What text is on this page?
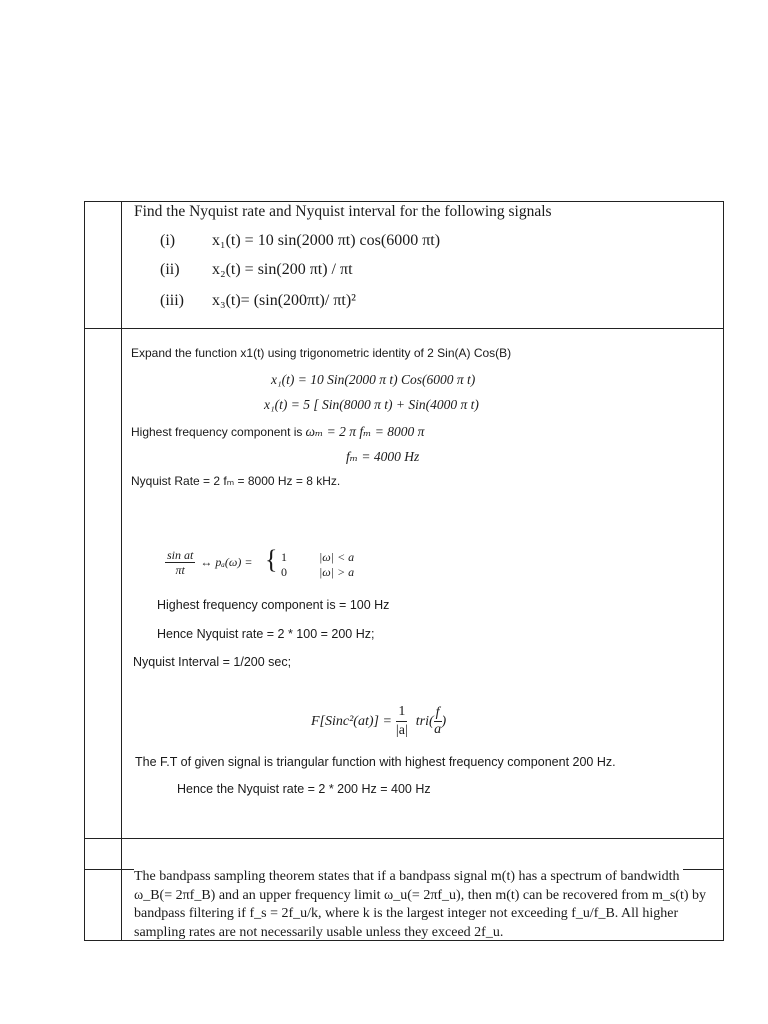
Find the Nyquist rate and Nyquist interval for the following signals
(i) x₁(t) = 10 sin(2000 πt) cos(6000 πt)
(ii) x₂(t) = sin(200 πt) / πt
(iii) x₃(t)= (sin(200πt)/ πt)²
Expand the function x1(t) using trigonometric identity of 2 Sin(A) Cos(B)
x₁(t) = 10 Sin(2000 π t) Cos(6000 π t)
x₁(t) = 5 [ Sin(8000 π t) + Sin(4000 π t)
Highest frequency component is ωₘ = 2 π fₘ = 8000 π
fₘ = 4000 Hz
Nyquist Rate = 2 fₘ = 8000 Hz = 8 kHz.
$\frac{\text{sin at}}{\pi t}$ ↔ pₐ(ω) = { 1	|ω| < a
0	|ω| > a
Highest frequency component is = 100 Hz
Hence Nyquist rate = 2 * 100 = 200 Hz;
Nyquist Interval = 1/200 sec;
F[Sinc²(at)] = $\frac{1}{|a|} tri( \frac{f}{a}$ )
The F.T of given signal is triangular function with highest frequency component 200 Hz.
Hence the Nyquist rate = 2 * 200 Hz = 400 Hz
The bandpass sampling theorem states that if a bandpass signal m(t) has a spectrum of bandwidth
ω_B(= 2πf_B) and an upper frequency limit ω_u(= 2πf_u), then m(t) can be recovered from m_s(t) by
bandpass filtering if f_s = 2f_u/k, where k is the largest integer not exceeding f_u/f_B. All higher
sampling rates are not necessarily usable unless they exceed 2f_u.
